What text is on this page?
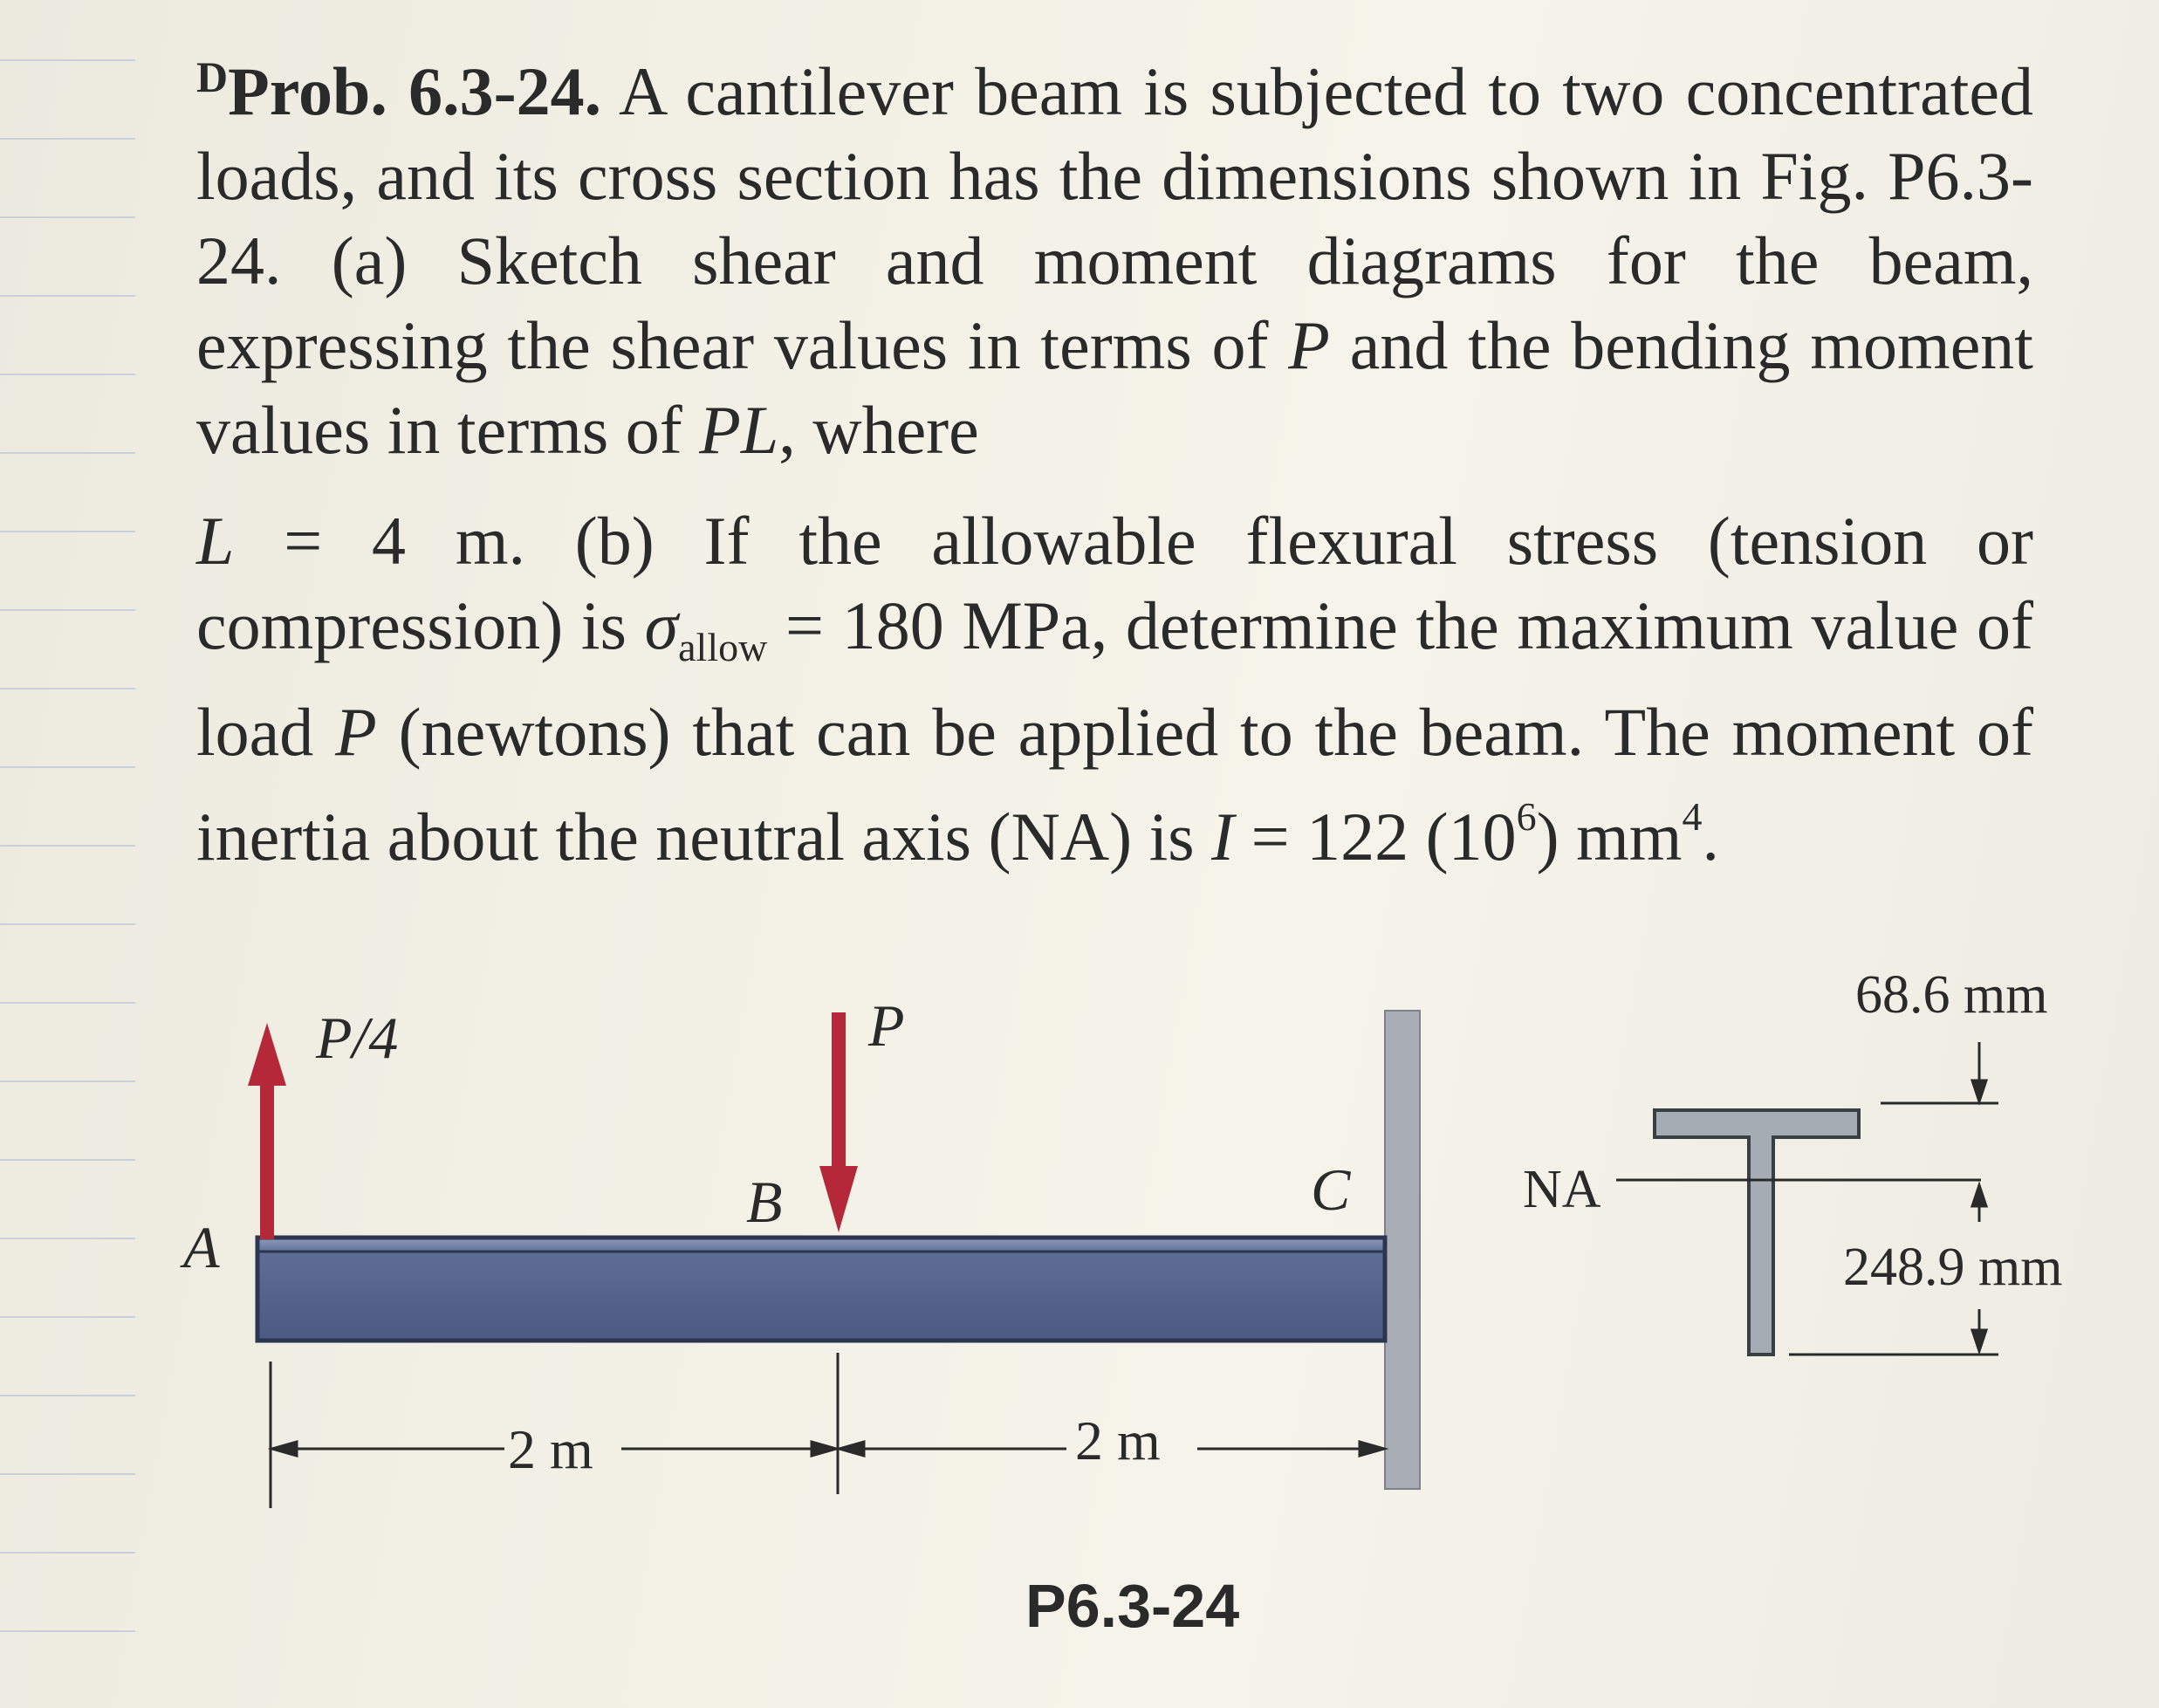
$^D$Prob. 6.3-24. A cantilever beam is subjected to two concentrated loads, and its cross section has the dimensions shown in Fig. P6.3-24. (a) Sketch shear and moment diagrams for the beam, expressing the shear values in terms of P and the bending moment values in terms of PL, where

L = 4 m. (b) If the allowable flexural stress (tension or compression) is $\sigma_{allow} = 180$ MPa, determine the maximum value of load P (newtons) that can be applied to the beam. The moment of inertia about the neutral axis (NA) is I = 122 $(10^6)$ $mm^4$.

P/4	P
A
B	C
2 m	2 m
NA
68.6 mm
248.9 mm
P6.3-24
